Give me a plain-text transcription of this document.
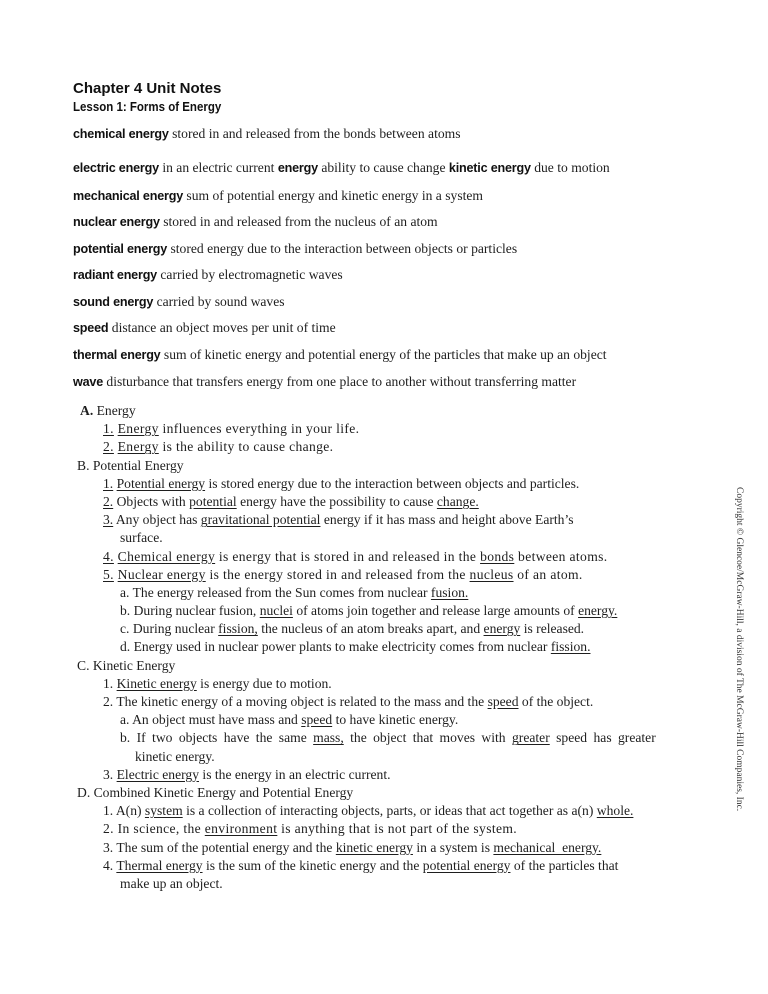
Chapter 4 Unit Notes
Lesson 1: Forms of Energy
chemical energy stored in and released from the bonds between atoms
electric energy in an electric current energy ability to cause change kinetic energy due to motion
mechanical energy sum of potential energy and kinetic energy in a system
nuclear energy stored in and released from the nucleus of an atom
potential energy stored energy due to the interaction between objects or particles
radiant energy carried by electromagnetic waves
sound energy carried by sound waves
speed distance an object moves per unit of time
thermal energy sum of kinetic energy and potential energy of the particles that make up an object
wave disturbance that transfers energy from one place to another without transferring matter
A. Energy
1. Energy influences everything in your life.
2. Energy is the ability to cause change.
B. Potential Energy
1. Potential energy is stored energy due to the interaction between objects and particles.
2. Objects with potential energy have the possibility to cause change.
3. Any object has gravitational potential energy if it has mass and height above Earth’s
surface.
4. Chemical energy is energy that is stored in and released in the bonds between atoms.
5. Nuclear energy is the energy stored in and released from the nucleus of an atom.
a. The energy released from the Sun comes from nuclear fusion.
b. During nuclear fusion, nuclei of atoms join together and release large amounts of energy.
c. During nuclear fission, the nucleus of an atom breaks apart, and energy is released.
d. Energy used in nuclear power plants to make electricity comes from nuclear fission.
C. Kinetic Energy
1. Kinetic energy is energy due to motion.
2. The kinetic energy of a moving object is related to the mass and the speed of the object.
a. An object must have mass and speed to have kinetic energy.
b. If two objects have the same mass, the object that moves with greater speed has greater
kinetic energy.
3. Electric energy is the energy in an electric current.
D. Combined Kinetic Energy and Potential Energy
1. A(n) system is a collection of interacting objects, parts, or ideas that act together as a(n) whole.
2. In science, the environment is anything that is not part of the system.
3. The sum of the potential energy and the kinetic energy in a system is mechanical  energy.
4. Thermal energy is the sum of the kinetic energy and the potential energy of the particles that
make up an object.
Copyright © Glencoe/McGraw-Hill, a division of The McGraw-Hill Companies, Inc.
